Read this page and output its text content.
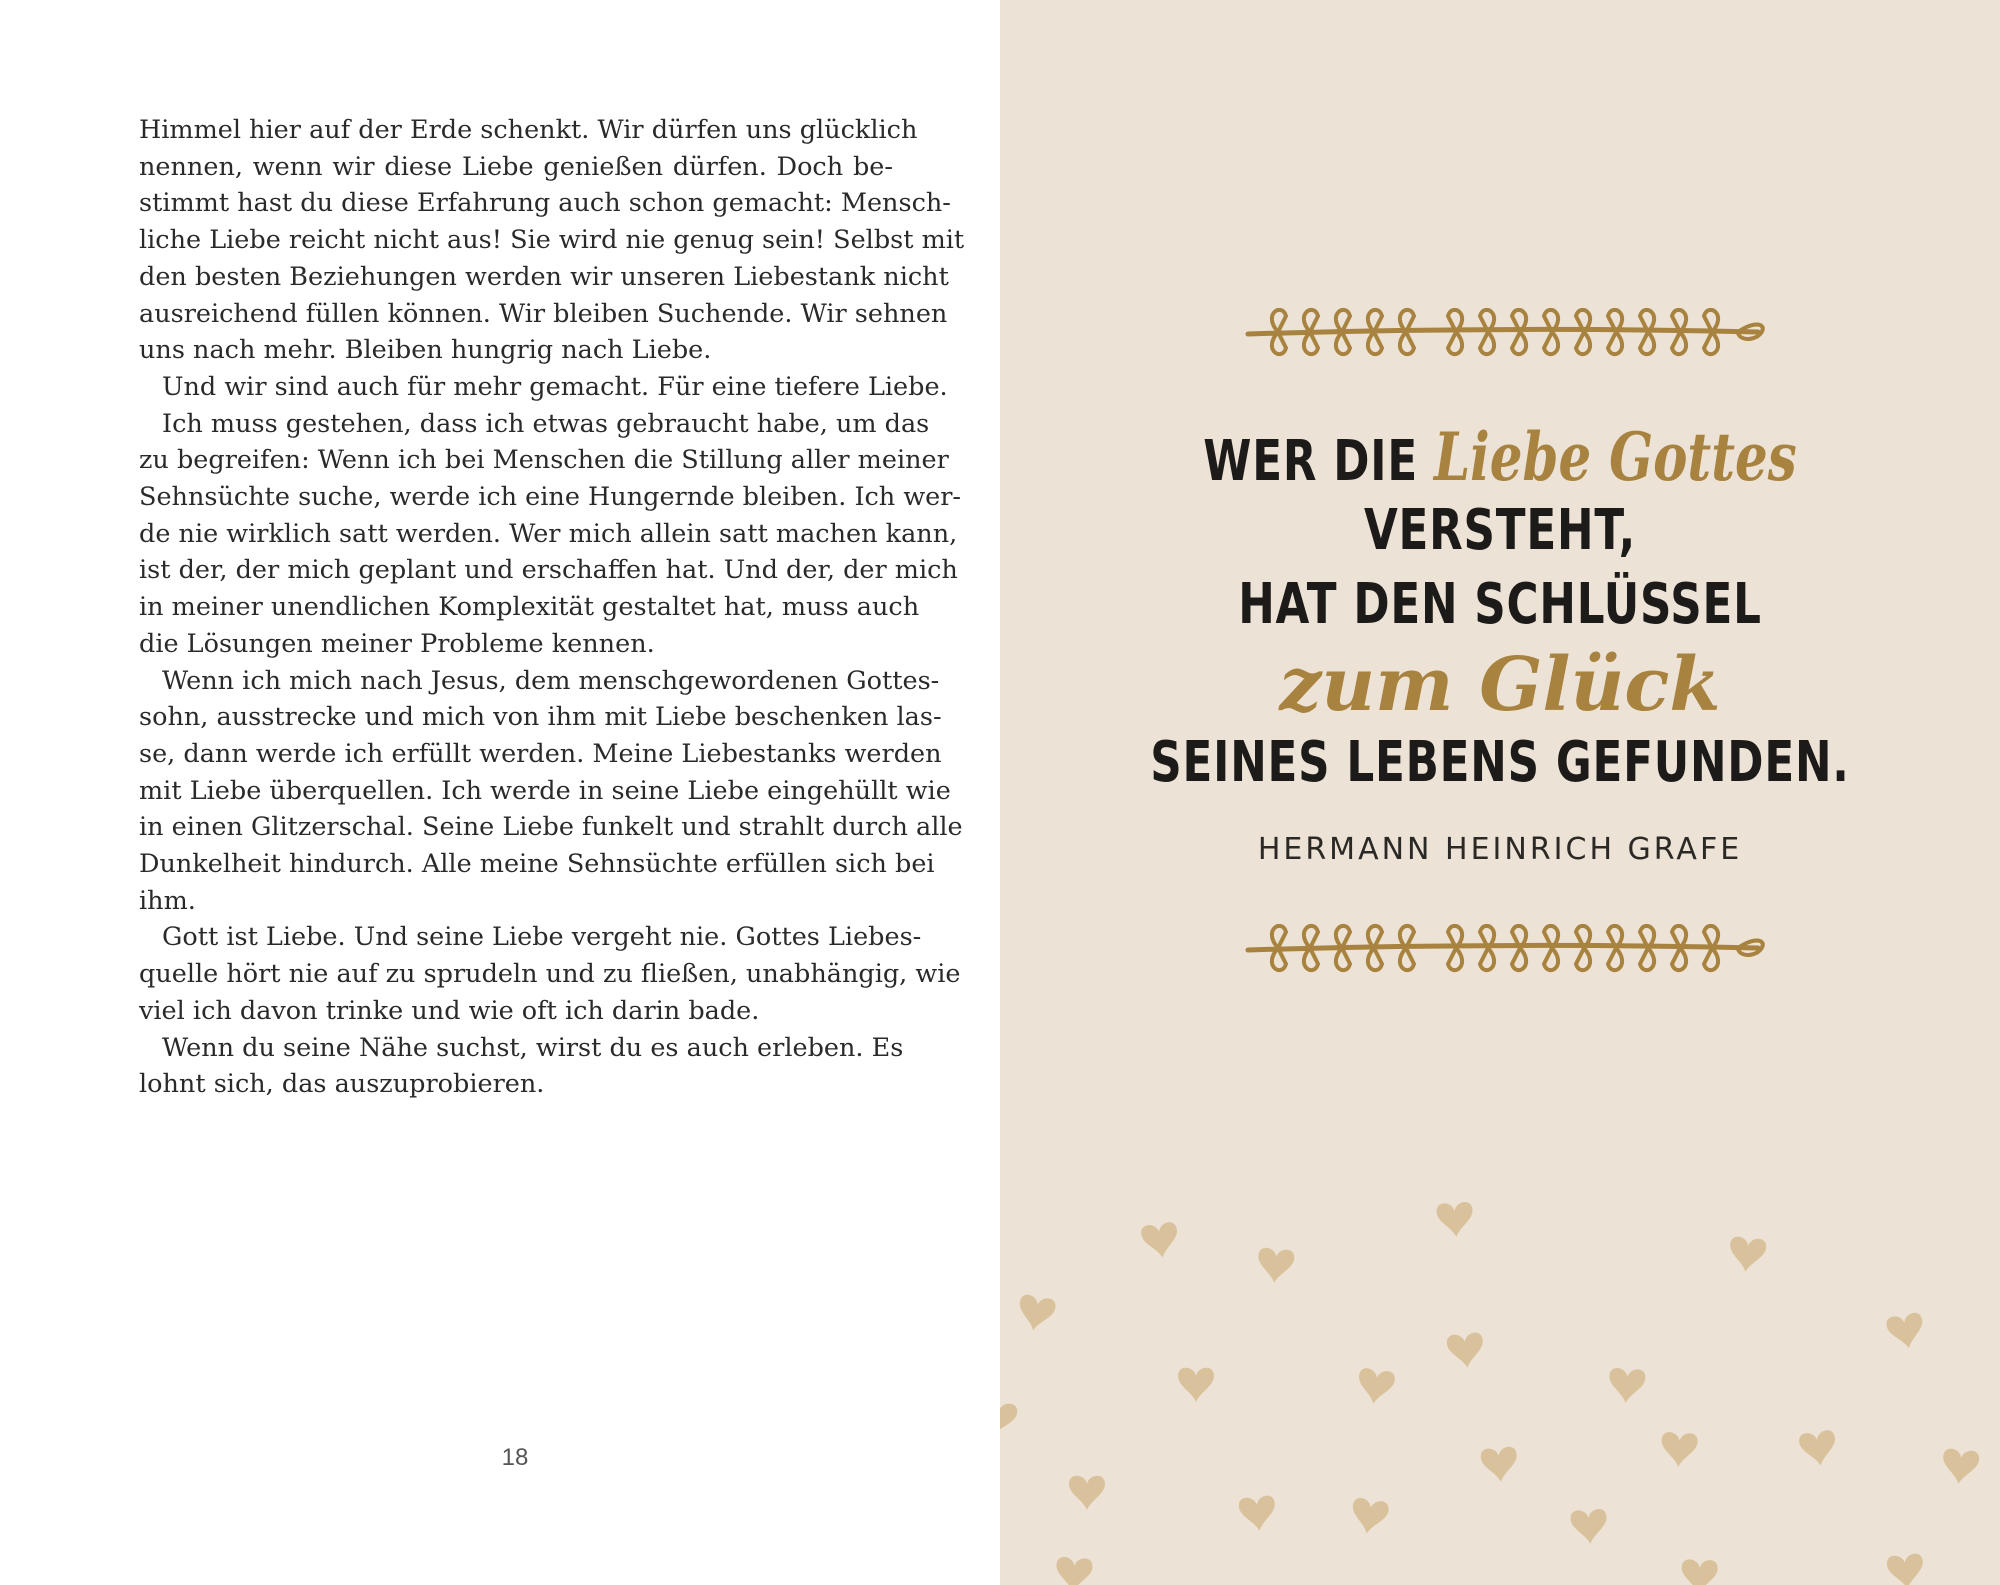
Himmel hier auf der Erde schenkt. Wir dürfen uns glücklich
nennen, wenn wir diese Liebe genießen dürfen. Doch be-
stimmt hast du diese Erfahrung auch schon gemacht: Mensch-
liche Liebe reicht nicht aus! Sie wird nie genug sein! Selbst mit
den besten Beziehungen werden wir unseren Liebestank nicht
ausreichend füllen können. Wir bleiben Suchende. Wir sehnen
uns nach mehr. Bleiben hungrig nach Liebe.
Und wir sind auch für mehr gemacht. Für eine tiefere Liebe.
Ich muss gestehen, dass ich etwas gebraucht habe, um das
zu begreifen: Wenn ich bei Menschen die Stillung aller meiner
Sehnsüchte suche, werde ich eine Hungernde bleiben. Ich wer-
de nie wirklich satt werden. Wer mich allein satt machen kann,
ist der, der mich geplant und erschaffen hat. Und der, der mich
in meiner unendlichen Komplexität gestaltet hat, muss auch
die Lösungen meiner Probleme kennen.
Wenn ich mich nach Jesus, dem menschgewordenen Gottes-
sohn, ausstrecke und mich von ihm mit Liebe beschenken las-
se, dann werde ich erfüllt werden. Meine Liebestanks werden
mit Liebe überquellen. Ich werde in seine Liebe eingehüllt wie
in einen Glitzerschal. Seine Liebe funkelt und strahlt durch alle
Dunkelheit hindurch. Alle meine Sehnsüchte erfüllen sich bei
ihm.
Gott ist Liebe. Und seine Liebe vergeht nie. Gottes Liebes-
quelle hört nie auf zu sprudeln und zu fließen, unabhängig, wie
viel ich davon trinke und wie oft ich darin bade.
Wenn du seine Nähe suchst, wirst du es auch erleben. Es
lohnt sich, das auszuprobieren.
18
WER DIE Liebe Gottes
VERSTEHT,
HAT DEN SCHLÜSSEL
zum Glück
SEINES LEBENS GEFUNDEN.
HERMANN HEINRICH GRAFE
